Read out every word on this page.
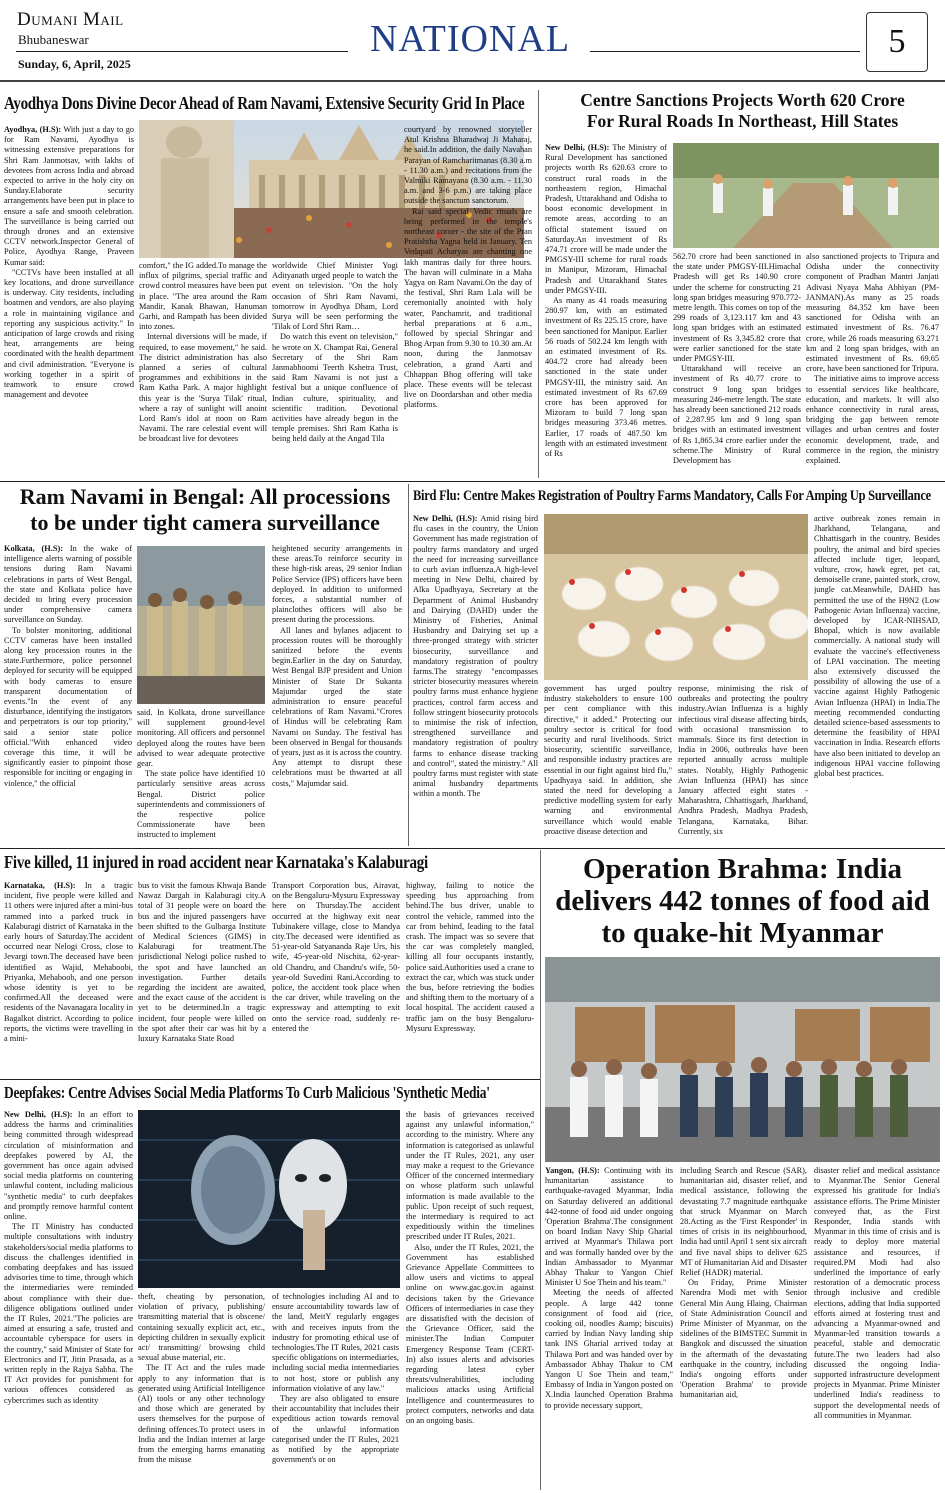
Dumani Mail
Bhubaneswar
Sunday, 6, April, 2025
NATIONAL	5
Ayodhya Dons Divine Decor Ahead of Ram Navami, Extensive Security Grid In Place

Ayodhya, (H.S): With just a day to go for Ram Navami, Ayodhya is witnessing extensive preparations for Shri Ram Janmotsav, with lakhs of devotees from across India and abroad expected to arrive in the holy city on Sunday.Elaborate security arrangements have been put in place to ensure a safe and smooth celebration. The surveillance is being carried out through drones and an extensive CCTV network.Inspector General of Police, Ayodhya Range, Praveen Kumar said:

"CCTVs have been installed at all key locations, and drone surveillance is underway. City residents, including boatmen and vendors, are also playing a role in maintaining vigilance and reporting any suspicious activity." In anticipation of large crowds and rising heat, arrangements are being coordinated with the health department and civil administration. "Everyone is working together in a spirit of teamwork to ensure crowd management and devotee

comfort," the IG added.To manage the influx of pilgrims, special traffic and crowd control measures have been put in place. "The area around the Ram Mandir, Kanak Bhawan, Hanuman Garhi, and Rampath has been divided into zones.

Internal diversions will be made, if required, to ease movement," he said. The district administration has also planned a series of cultural programmes and exhibitions in the Ram Katha Park. A major highlight this year is the 'Surya Tilak' ritual, where a ray of sunlight will anoint Lord Ram's idol at noon on Ram Navami. The rare celestial event will be broadcast live for devotees

worldwide Chief Minister Yogi Adityanath urged people to watch the event on television. "On the holy occasion of Shri Ram Navami, tomorrow in Ayodhya Dham, Lord Surya will be seen performing the 'Tilak of Lord Shri Ram…

Do watch this event on television," he wrote on X. Champat Rai, General Secretary of the Shri Ram Janmabhoomi Teerth Kshetra Trust, said Ram Navami is not just a festival but a unique confluence of Indian culture, spirituality, and scientific tradition. Devotional activities have already begun in the temple premises. Shri Ram Katha is being held daily at the Angad Tila

courtyard by renowned storyteller Atul Krishna Bharadwaj Ji Maharaj, he said.In addition, the daily Navahan Parayan of Ramcharitmanas (8.30 a.m - 11.30 a.m.) and recitations from the Valmiki Ramayana (8.30 a.m. - 11.30 a.m. and 3-6 p.m.) are taking place outside the sanctum sanctorum.

Rai said special Vedic rituals are being performed in the temple's northeast corner - the site of the Pran Pratishtha Yagna held in January. Ten Vedapati Acharyas are chanting one lakh mantras daily for three hours. The havan will culminate in a Maha Yagya on Ram Navami.On the day of the festival, Shri Ram Lala will be ceremonially anointed with holy water, Panchamrit, and traditional herbal preparations at 6 a.m., followed by special Shringar and Bhog Arpan from 9.30 to 10.30 am.At noon, during the Janmotsav celebration, a grand Aarti and Chhappan Bhog offering will take place. These events will be telecast live on Doordarshan and other media platforms.

Centre Sanctions Projects Worth 620 Crore
For Rural Roads In Northeast, Hill States

New Delhi, (H.S): The Ministry of Rural Development has sanctioned projects worth Rs 620.63 crore to construct rural roads in the northeastern region, Himachal Pradesh, Uttarakhand and Odisha to boost economic development in remote areas, according to an official statement issued on Saturday.An investment of Rs 474.71 crore will be made under the PMGSY-III scheme for rural roads in Manipur, Mizoram, Himachal Pradesh and Uttarakhand States under PMGSY-III.

As many as 41 roads measuring 280.97 km, with an estimated investment of Rs 225.15 crore, have been sanctioned for Manipur. Earlier 56 roads of 502.24 km length with an estimated investment of Rs. 404.72 crore had already been sanctioned in the state under PMGSY-III, the ministry said. An estimated investment of Rs 67.69 crore has been approved for Mizoram to build 7 long span bridges measuring 373.46 metres. Earlier, 17 roads of 487.50 km length with an estimated investment of Rs

562.70 crore had been sanctioned in the state under PMGSY-III.Himachal Pradesh will get Rs 140.90 crore under the scheme for constructing 21 long span bridges measuring 970.772-metre length. This comes on top of the 299 roads of 3,123.117 km and 43 long span bridges with an estimated investment of Rs 3,345.82 crore that were earlier sanctioned for the state under PMGSY-III.

Uttarakhand will receive an investment of Rs 40.77 crore to construct 9 long span bridges measuring 246-metre length. The state has already been sanctioned 212 roads of 2,287.95 km and 9 long span bridges with an estimated investment of Rs 1,865.34 crore earlier under the scheme.The Ministry of Rural Development has

also sanctioned projects to Tripura and Odisha under the connectivity component of Pradhan Mantri Janjati Adivasi Nyaya Maha Abhiyan (PM-JANMAN).As many as 25 roads measuring 84.352 km have been sanctioned for Odisha with an estimated investment of Rs. 76.47 crore, while 26 roads measuring 63.271 km and 2 long span bridges, with an estimated investment of Rs. 69.65 crore, have been sanctioned for Tripura.

The initiative aims to improve access to essential services like healthcare, education, and markets. It will also enhance connectivity in rural areas, bridging the gap between remote villages and urban centres and foster economic development, trade, and commerce in the region, the ministry explained.

Ram Navami in Bengal: All processions
to be under tight camera surveillance

Kolkata, (H.S): In the wake of intelligence alerts warning of possible tensions during Ram Navami celebrations in parts of West Bengal, the state and Kolkata police have decided to bring every procession under comprehensive camera surveillance on Sunday.

To bolster monitoring, additional CCTV cameras have been installed along key procession routes in the state.Furthermore, police personnel deployed for security will be equipped with body cameras to ensure transparent documentation of events."In the event of any disturbance, identifying the instigators and perpetrators is our top priority," said a senior state police official."With enhanced video coverage this time, it will be significantly easier to pinpoint those responsible for inciting or engaging in violence," the official

said. In Kolkata, drone surveillance will supplement ground-level monitoring. All officers and personnel deployed along the routes have been advised to wear adequate protective gear.

The state police have identified 10 particularly sensitive areas across Bengal. District police superintendents and commissioners of the respective police Commissionerate have been instructed to implement

heightened security arrangements in these areas.To reinforce security in these high-risk areas, 29 senior Indian Police Service (IPS) officers have been deployed. In addition to uniformed forces, a substantial number of plainclothes officers will also be present during the processions.

All lanes and bylanes adjacent to procession routes will be thoroughly sanitized before the events begin.Earlier in the day on Saturday, West Bengal BJP president and Union Minister of State Dr Sukanta Majumdar urged the state administration to ensure peaceful celebrations of Ram Navami."Crores of Hindus will be celebrating Ram Navami on Sunday. The festival has been observed in Bengal for thousands of years, just as it is across the country. Any attempt to disrupt these celebrations must be thwarted at all costs," Majumdar said.

Bird Flu: Centre Makes Registration of Poultry Farms Mandatory, Calls For Amping Up Surveillance

New Delhi, (H.S): Amid rising bird flu cases in the country, the Union Government has made registration of poultry farms mandatory and urged the need for increasing surveillance to curb avian influenza.A high-level meeting in New Delhi, chaired by Alka Upadhyaya, Secretary at the Department of Animal Husbandry and Dairying (DAHD) under the Ministry of Fisheries, Animal Husbandry and Dairying set up a three-pronged strategy with stricter biosecurity, surveillance and mandatory registration of poultry farms.The strategy "encompasses stricter biosecurity measures wherein poultry farms must enhance hygiene practices, control farm access and follow stringent biosecurity protocols to minimise the risk of infection, strengthened surveillance and mandatory registration of poultry farms to enhance disease tracking and control", stated the ministry." All poultry farms must register with state animal husbandry departments within a month. The

government has urged poultry industry stakeholders to ensure 100 per cent compliance with this directive," it added." Protecting our poultry sector is critical for food security and rural livelihoods. Strict biosecurity, scientific surveillance, and responsible industry practices are essential in our fight against bird flu," Upadhyaya said. In addition, she stated the need for developing a predictive modelling system for early warning and environmental surveillance which would enable proactive disease detection and

response, minimising the risk of outbreaks and protecting the poultry industry.Avian Influenza is a highly infectious viral disease affecting birds, with occasional transmission to mammals. Since its first detection in India in 2006, outbreaks have been reported annually across multiple states. Notably, Highly Pathogenic Avian Influenza (HPAI) has since January affected eight states - Maharashtra, Chhattisgarh, Jharkhand, Andhra Pradesh, Madhya Pradesh, Telangana, Karnataka, Bihar. Currently, six

active outbreak zones remain in Jharkhand, Telangana, and Chhattisgarh in the country. Besides poultry, the animal and bird species affected include tiger, leopard, vulture, crow, hawk egret, pet cat, demoiselle crane, painted stork, crow, jungle cat.Meanwhile, DAHD has permitted the use of the H9N2 (Low Pathogenic Avian Influenza) vaccine, developed by ICAR-NIHSAD, Bhopal, which is now available commercially. A national study will evaluate the vaccine's effectiveness of LPAI vaccination. The meeting also extensively discussed the possibility of allowing the use of a vaccine against Highly Pathogenic Avian Influenza (HPAI) in India.The meeting recommended conducting detailed science-based assessments to determine the feasibility of HPAI vaccination in India. Research efforts have also been initiated to develop an indigenous HPAI vaccine following global best practices.

Five killed, 11 injured in road accident near Karnataka's Kalaburagi

Karnataka, (H.S): In a tragic incident, five people were killed and 11 others were injured after a mini-bus rammed into a parked truck in Kalaburagi district of Karnataka in the early hours of Saturday.The accident occurred near Nelogi Cross, close to Jevargi town.The deceased have been identified as Wajid, Mehaboobi, Priyanka, Mehaboob, and one person whose identity is yet to be confirmed.All the deceased were residents of the Navanagara locality in Bagalkot district. According to police reports, the victims were travelling in a mini-

bus to visit the famous Khwaja Bande Nawaz Dargah in Kalaburagi city.A total of 31 people were on board the bus and the injured passengers have been shifted to the Gulbarga Institute of Medical Sciences (GIMS) in Kalaburagi for treatment.The jurisdictional Nelogi police rushed to the spot and have launched an investigation. Further details regarding the incident are awaited, and the exact cause of the accident is yet to be determined.In a tragic incident, four people were killed on the spot after their car was hit by a luxury Karnataka State Road

Transport Corporation bus, Airavat, on the Bengaluru-Mysuru Expressway here on Thursday.The accident occurred at the highway exit near Tubinakere village, close to Mandya city.The deceased were identified as 51-year-old Satyananda Raje Urs, his wife, 45-year-old Nischita, 62-year-old Chandru, and Chandru's wife, 50-year-old Suvedini Rani.According to police, the accident took place when the car driver, while traveling on the expressway and attempting to exit onto the service road, suddenly re-entered the

highway, failing to notice the speeding bus approaching from behind.The bus driver, unable to control the vehicle, rammed into the car from behind, leading to the fatal crash. The impact was so severe that the car was completely mangled, killing all four occupants instantly, police said.Authorities used a crane to extract the car, which was stuck under the bus, before retrieving the bodies and shifting them to the mortuary of a local hospital. The accident caused a traffic jam on the busy Bengaluru-Mysuru Expressway.

Operation Brahma: India
delivers 442 tonnes of food aid
to quake-hit Myanmar

Yangon, (H.S): Continuing with its humanitarian assistance to earthquake-ravaged Myanmar, India on Saturday delivered an additional 442-tonne of food aid under ongoing 'Operation Brahma'.The consignment on board Indian Navy Ship Gharial arrived at Myanmar's Thilawa port and was formally handed over by the Indian Ambassador to Myanmar Abhay Thakur to Yangon Chief Minister U Soe Thein and his team."

Meeting the needs of affected people. A large 442 tonne consignment of food aid (rice, cooking oil, noodles &amp; biscuits) carried by Indian Navy landing ship tank INS Gharial arrived today at Thilawa Port and was handed over by Ambassador Abhay Thakur to CM Yangon U Soe Thein and team," Embassy of India in Yangon posted on X.India launched Operation Brahma to provide necessary support,

including Search and Rescue (SAR), humanitarian aid, disaster relief, and medical assistance, following the devastating 7.7 magnitude earthquake that struck Myanmar on March 28.Acting as the 'First Responder' in times of crisis in its neighbourhood, India had until April 1 sent six aircraft and five naval ships to deliver 625 MT of Humanitarian Aid and Disaster Relief (HADR) material.

On Friday, Prime Minister Narendra Modi met with Senior General Min Aung Hlaing, Chairman of State Administration Council and Prime Minister of Myanmar, on the sidelines of the BIMSTEC Summit in Bangkok and discussed the situation in the aftermath of the devastating earthquake in the country, including India's ongoing efforts under 'Operation Brahma' to provide humanitarian aid,

disaster relief and medical assistance to Myanmar.The Senior General expressed his gratitude for India's assistance efforts. The Prime Minister conveyed that, as the First Responder, India stands with Myanmar in this time of crisis and is ready to deploy more material assistance and resources, if required.PM Modi had also underlined the importance of early restoration of a democratic process through inclusive and credible elections, adding that India supported efforts aimed at fostering trust and advancing a Myanmar-owned and Myanmar-led transition towards a peaceful, stable and democratic future.The two leaders had also discussed the ongoing India-supported infrastructure development projects in Myanmar. Prime Minister underlined India's readiness to support the developmental needs of all communities in Myanmar.

Deepfakes: Centre Advises Social Media Platforms To Curb Malicious 'Synthetic Media'

New Delhi, (H.S): In an effort to address the harms and criminalities being committed through widespread circulation of misinformation and deepfakes powered by AI, the government has once again advised social media platforms on countering unlawful content, including malicious "synthetic media" to curb deepfakes and promptly remove harmful content online.

The IT Ministry has conducted multiple consultations with industry stakeholders/social media platforms to discuss the challenges identified in combating deepfakes and has issued advisories time to time, through which the intermediaries were reminded about compliance with their due-diligence obligations outlined under the IT Rules, 2021."The policies are aimed at ensuring a safe, trusted and accountable cyberspace for users in the country," said Minister of State for Electronics and IT, Jitin Prasada, as a written reply in the Rajya Sabha. The IT Act provides for punishment for various offences considered as cybercrimes such as identity

theft, cheating by personation, violation of privacy, publishing/ transmitting material that is obscene/ containing sexually explicit act, etc., depicting children in sexually explicit act/ transmitting/ browsing child sexual abuse material, etc.

The IT Act and the rules made apply to any information that is generated using Artificial Intelligence (AI) tools or any other technology and those which are generated by users themselves for the purpose of defining offences.To protect users in India and the Indian internet at large from the emerging harms emanating from the misuse

of technologies including AI and to ensure accountability towards law of the land, MeitY regularly engages with and receives inputs from the industry for promoting ethical use of technologies.The IT Rules, 2021 casts specific obligations on intermediaries, including social media intermediaries to not host, store or publish any information violative of any law."

They are also obligated to ensure their accountability that includes their expeditious action towards removal of the unlawful information categorised under the IT Rules, 2021 as notified by the appropriate government's or on

the basis of grievances received against any unlawful information," according to the ministry. Where any information is categorised as unlawful under the IT Rules, 2021, any user may make a request to the Grievance Officer of the concerned intermediary on whose platform such unlawful information is made available to the public. Upon receipt of such request, the intermediary is required to act expeditiously within the timelines prescribed under IT Rules, 2021.

Also, under the IT Rules, 2021, the Government has established Grievance Appellate Committees to allow users and victims to appeal online on www.gac.gov.in against decisions taken by the Grievance Officers of intermediaries in case they are dissatisfied with the decision of the Grievance Officer, said the minister.The Indian Computer Emergency Response Team (CERT-In) also issues alerts and advisories regarding latest cyber threats/vulnerabilities, including malicious attacks using Artificial Intelligence and countermeasures to protect computers, networks and data on an ongoing basis.
